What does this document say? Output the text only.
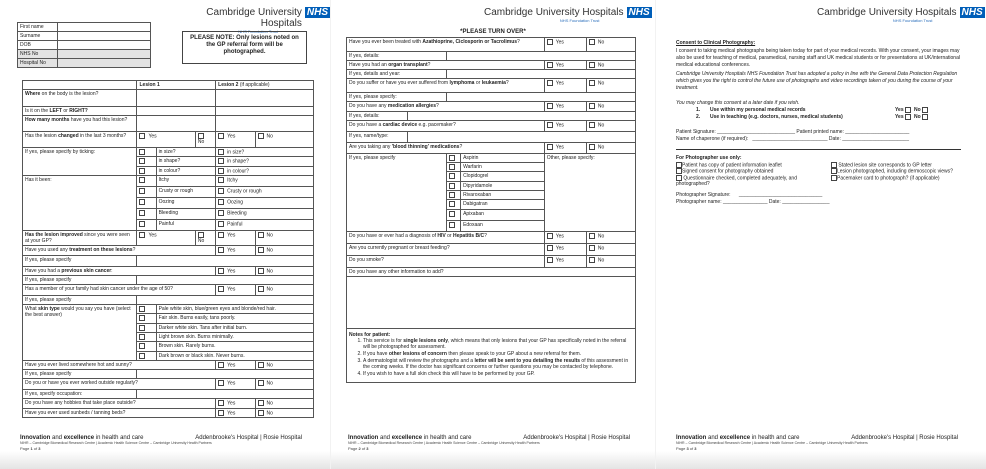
Cambridge University Hospitals
NHS Foundation Trust
NHS
First name	
Surname	
DOB	
NHS No	
Hospital No	
PLEASE NOTE: Only lesions noted on the GP referral form will be photographed.
	Lesion 1			Lesion 2 (if applicable)	
Where on the body is the lesion?					
Is it on the LEFT or RIGHT?					
How many months have you had this lesion?					
Has the lesion changed in the last 3 months?	Yes		No	Yes	No
If yes, please specify by ticking:		in size?		in size?	
		in shape?		in shape?	
		in colour?		in colour?	
Has it been:		Itchy		Itchy	
		Crusty or rough		Crusty or rough	
		Oozing		Oozing	
		Bleeding		Bleeding	
		Painful		Painful	
Has the lesion improved since you were seen at your GP?	Yes		No	Yes	No
Have you used any treatment on these lesions?				Yes	No
If yes, please specify					
Have you had a previous skin cancer:				Yes	No
If yes, please specify					
Has a member of your family had skin cancer under the age of 50?				Yes	No
If yes, please specify					
What skin type would you say you have (select the best answer)		Pale white skin, blue/green eyes and blonde/red hair.			
		Fair skin. Burns easily, tans poorly.			
		Darker white skin. Tans after initial burn.			
		Light brown skin. Burns minimally.			
		Brown skin. Rarely burns.			
		Dark brown or black skin. Never burns.			
Have you ever lived somewhere hot and sunny?				Yes	No
If yes, please specify					
Do you or have you ever worked outside regularly?				Yes	No
If yes, specify occupation:					
Do you have any hobbies that take place outside?				Yes	No
Have you ever used sunbeds / tanning beds?				Yes	No
Innovation and excellence in health and care	Addenbrooke's Hospital | Rosie Hospital
NIHR – Cambridge Biomedical Research Centre | Academic Health Science Centre – Cambridge University Health Partners
Page 1 of 3
Cambridge University Hospitals
NHS Foundation Trust
NHS
*PLEASE TURN OVER*
Have you ever been treated with Azathioprine, Ciclosporin or Tacrolimus?				Yes	No
If yes, details:					
Have you had an organ transplant?				Yes	No
If yes, details and year:					
Do you suffer or have you ever suffered from lymphoma or leukaemia?				Yes	No
If yes, please specify:					
Do you have any medication allergies?				Yes	No
If yes, details:					
Do you have a cardiac device e.g. pacemaker?				Yes	No
If yes, name/type:					
Are you taking any 'blood thinning' medications?				Yes	No
If yes, please specify			Aspirin	Other, please specify:	
			Warfarin		
			Clopidogrel		
			Dipyridamole		
			Rivaroxaban		
			Dabigatran		
			Apixaban		
			Edoxaan		
Do you have or ever had a diagnosis of HIV or Hepatitis B/C?				Yes	No
Are you currently pregnant or breast feeding?				Yes	No
Do you smoke?				Yes	No
Do you have any other information to add?					

Notes for patient:
1. This service is for single lesions only, which means that only lesions that your GP has specifically noted in the referral will be photographed for assessment.
2. If you have other lesions of concern then please speak to your GP about a new referral for them.
3. A dermatologist will review the photographs and a letter will be sent to you detailing the results of this assessment in the coming weeks. If the doctor has significant concerns or further questions you may be contacted by telephone.
4. If you wish to have a full skin check this will have to be performed by your GP.
Innovation and excellence in health and care	Addenbrooke's Hospital | Rosie Hospital
NIHR – Cambridge Biomedical Research Centre | Academic Health Science Centre – Cambridge University Health Partners
Page 2 of 3
Cambridge University Hospitals
NHS Foundation Trust
NHS
Consent to Clinical Photography:
I consent to taking medical photographs being taken today for part of your medical records. With your consent, your images may also be used for teaching of medical, paramedical, nursing staff and UK medical students or for presentations at UK/international medical educational conferences.
Cambridge University Hospitals NHS Foundation Trust has adopted a policy in line with the General Data Protection Regulation which gives you the right to control the future use of photographs and video recordings taken of you during the course of your treatment.
You may change this consent at a later date if you wish.
1.	Use within my personal medical records	Yes
No

2.	Use in teaching (e.g. doctors, nurses, medical students)	Yes
No

Patient Signature: ____________________________ Patient printed name: _______________________
Name of chaperone (if required):   ___________________________ Date: ________________________
For Photographer use only:
Patient has copy of patient information leaflet
Signed consent for photography obtained
Questionnaire checked, completed adequately, and photographed?
Stated lesion site corresponds to GP letter
Lesion photographed, including dermoscopic views?
Pacemaker card to photograph? (if applicable)
Photographer Signature:      ______________________________
Photographer name: ________________ Date: _________________
Innovation and excellence in health and care	Addenbrooke's Hospital | Rosie Hospital
NIHR – Cambridge Biomedical Research Centre | Academic Health Science Centre – Cambridge University Health Partners
Page 3 of 3
